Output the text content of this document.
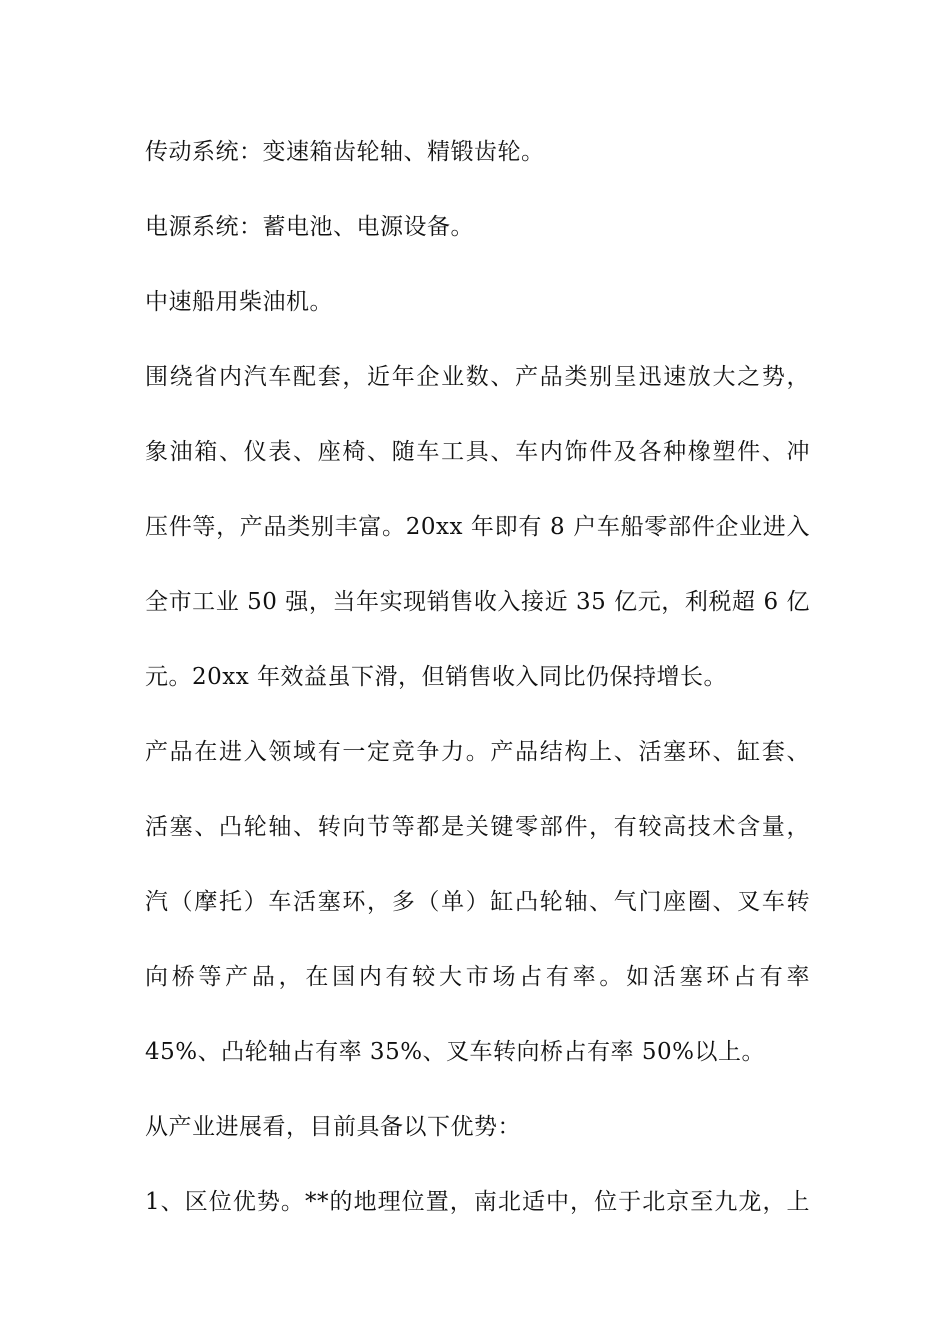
传动系统：变速箱齿轮轴、精锻齿轮。
电源系统：蓄电池、电源设备。
中速船用柴油机。
围绕省内汽车配套，近年企业数、产品类别呈迅速放大之势，
象油箱、仪表、座椅、随车工具、车内饰件及各种橡塑件、冲
压件等，产品类别丰富。20xx 年即有 8 户车船零部件企业进入
全市工业 50 强，当年实现销售收入接近 35 亿元，利税超 6 亿
元。20xx 年效益虽下滑，但销售收入同比仍保持增长。
产品在进入领域有一定竞争力。产品结构上、活塞环、缸套、
活塞、凸轮轴、转向节等都是关键零部件，有较高技术含量，
汽（摩托）车活塞环，多（单）缸凸轮轴、气门座圈、叉车转
向桥等产品，在国内有较大市场占有率。如活塞环占有率
45%、凸轮轴占有率 35%、叉车转向桥占有率 50%以上。
从产业进展看，目前具备以下优势：
1、区位优势。**的地理位置，南北适中，位于北京至九龙，上
